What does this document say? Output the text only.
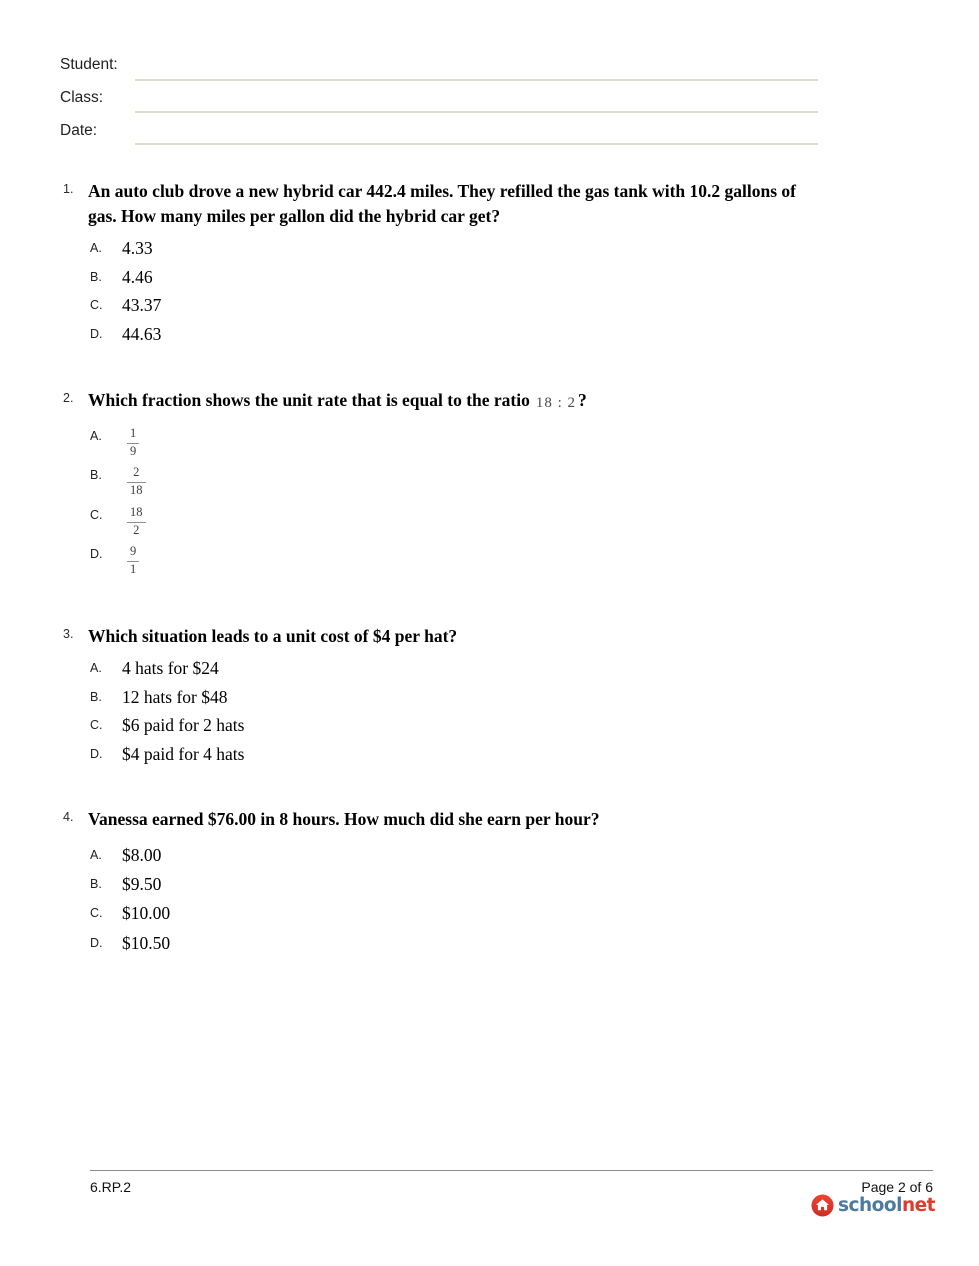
Student:
Class:
Date:
1. An auto club drove a new hybrid car 442.4 miles. They refilled the gas tank with 10.2 gallons of gas. How many miles per gallon did the hybrid car get?
A.	4.33
B.	4.46
C.	43.37
D.	44.63
2. Which fraction shows the unit rate that is equal to the ratio 18 : 2 ?
A.	$\frac{1}{9}$
B.	$\frac{2}{18}$
C.	$\frac{18}{2}$
D.	$\frac{9}{1}$
3. Which situation leads to a unit cost of $4 per hat?
A.	4 hats for $24
B.	12 hats for $48
C.	$6 paid for 2 hats
D.	$4 paid for 4 hats
4. Vanessa earned $76.00 in 8 hours. How much did she earn per hour?
A.	$8.00
B.	$9.50
C.	$10.00
D.	$10.50
6.RP.2	Page 2 of 6
schoolnet
